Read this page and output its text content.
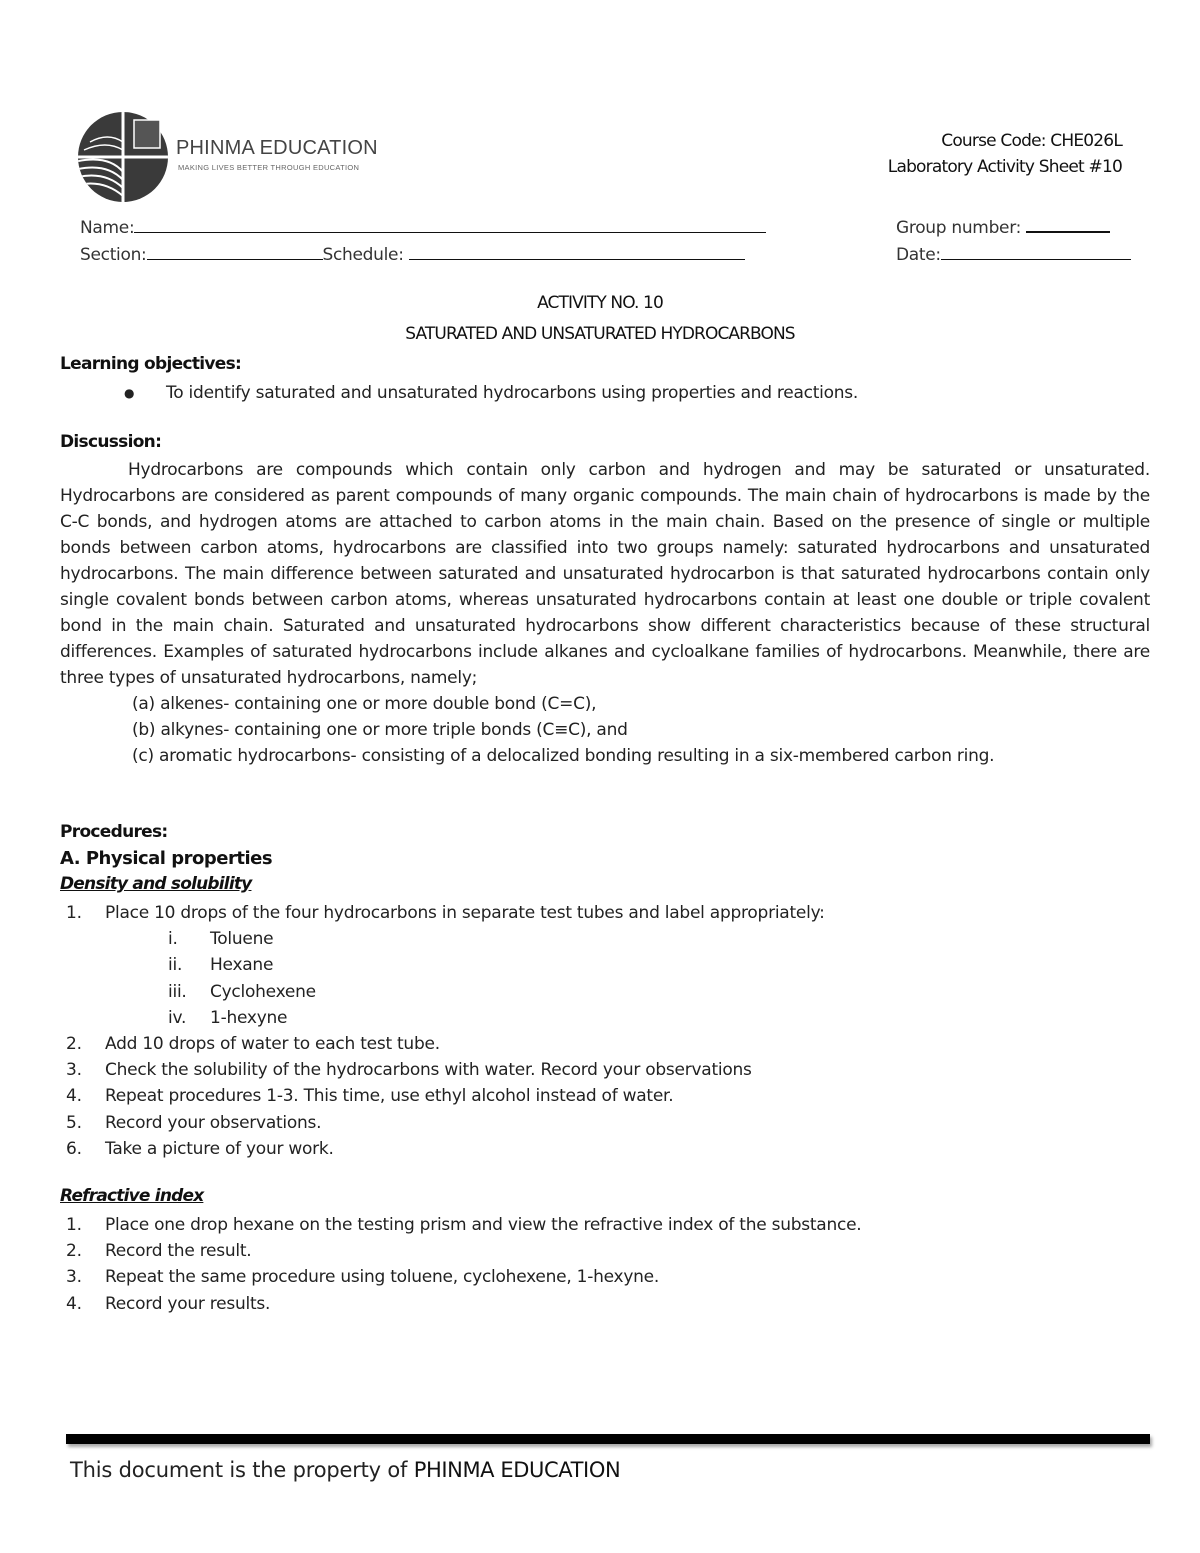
PHINMA EDUCATION
MAKING LIVES BETTER THROUGH EDUCATION
Course Code: CHE026L
Laboratory Activity Sheet #10
Name:
Section:	Schedule:
Group number:
Date:
ACTIVITY NO. 10
SATURATED AND UNSATURATED HYDROCARBONS
Learning objectives:
● To identify saturated and unsaturated hydrocarbons using properties and reactions.
Discussion:

Hydrocarbons are compounds which contain only carbon and hydrogen and may be saturated or unsaturated. Hydrocarbons are considered as parent compounds of many organic compounds. The main chain of hydrocarbons is made by the C-C bonds, and hydrogen atoms are attached to carbon atoms in the main chain. Based on the presence of single or multiple bonds between carbon atoms, hydrocarbons are classified into two groups namely: saturated hydrocarbons and unsaturated hydrocarbons. The main difference between saturated and unsaturated hydrocarbon is that saturated hydrocarbons contain only single covalent bonds between carbon atoms, whereas unsaturated hydrocarbons contain at least one double or triple covalent bond in the main chain. Saturated and unsaturated hydrocarbons show different characteristics because of these structural differences. Examples of saturated hydrocarbons include alkanes and cycloalkane families of hydrocarbons. Meanwhile, there are three types of unsaturated hydrocarbons, namely;

(a) alkenes- containing one or more double bond (C=C),

(b) alkynes- containing one or more triple bonds (C≡C), and

(c) aromatic hydrocarbons- consisting of a delocalized bonding resulting in a six-membered carbon ring.

Procedures:
A. Physical properties
Density and solubility
1.	Place 10 drops of the four hydrocarbons in separate test tubes and label appropriately:
i.	Toluene
ii.	Hexane
iii.	Cyclohexene
iv.	1-hexyne
2.	Add 10 drops of water to each test tube.
3.	Check the solubility of the hydrocarbons with water. Record your observations
4.	Repeat procedures 1-3. This time, use ethyl alcohol instead of water.
5.	Record your observations.
6.	Take a picture of your work.
Refractive index
1.	Place one drop hexane on the testing prism and view the refractive index of the substance.
2.	Record the result.
3.	Repeat the same procedure using toluene, cyclohexene, 1-hexyne.
4.	Record your results.
This document is the property of PHINMA EDUCATION
